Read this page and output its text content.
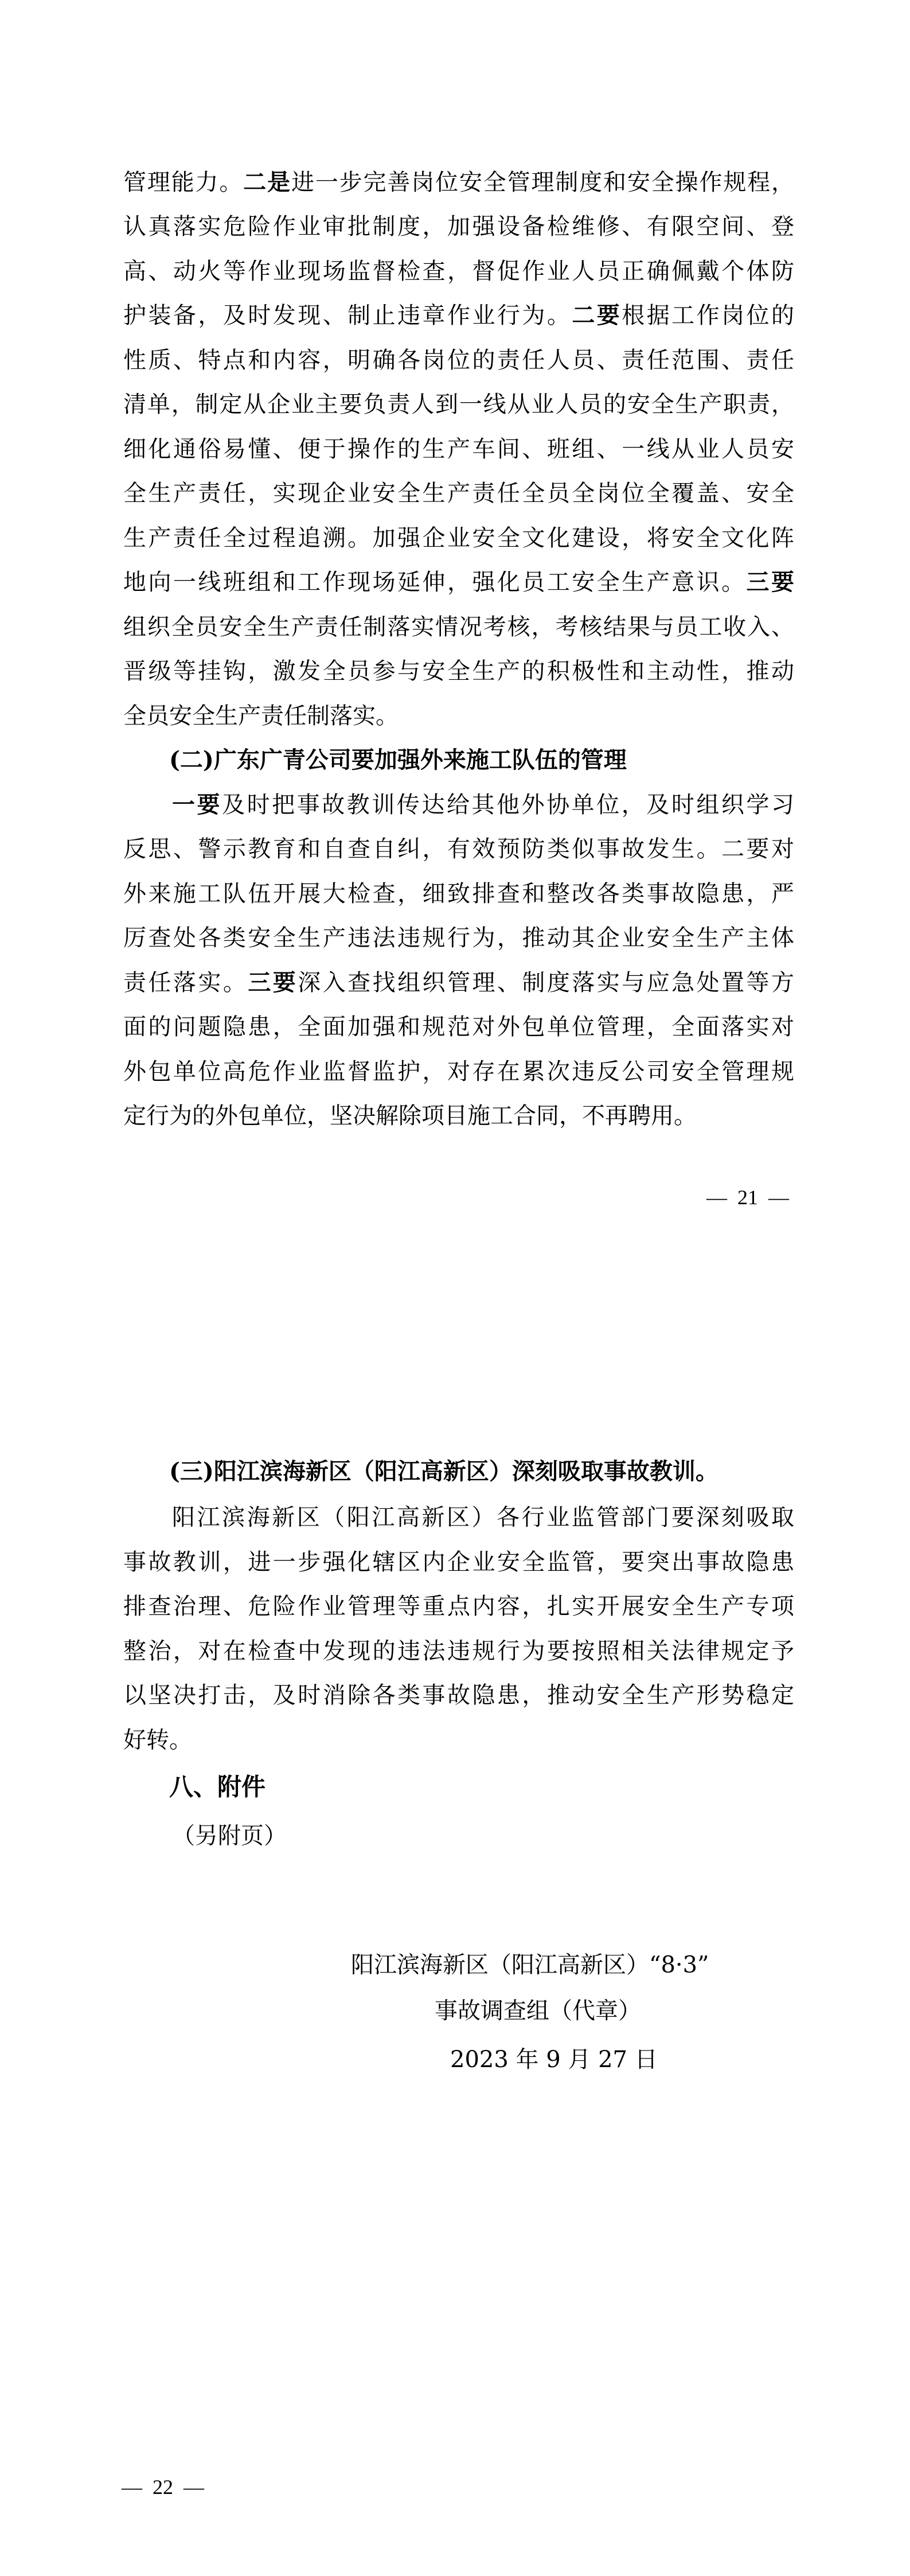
管理能力。二是进一步完善岗位安全管理制度和安全操作规程，
认真落实危险作业审批制度，加强设备检维修、有限空间、登
高、动火等作业现场监督检查，督促作业人员正确佩戴个体防
护装备，及时发现、制止违章作业行为。二要根据工作岗位的
性质、特点和内容，明确各岗位的责任人员、责任范围、责任
清单，制定从企业主要负责人到一线从业人员的安全生产职责，
细化通俗易懂、便于操作的生产车间、班组、一线从业人员安
全生产责任，实现企业安全生产责任全员全岗位全覆盖、安全
生产责任全过程追溯。加强企业安全文化建设，将安全文化阵
地向一线班组和工作现场延伸，强化员工安全生产意识。三要
组织全员安全生产责任制落实情况考核，考核结果与员工收入、
晋级等挂钩，激发全员参与安全生产的积极性和主动性，推动
全员安全生产责任制落实。
(二)广东广青公司要加强外来施工队伍的管理
一要及时把事故教训传达给其他外协单位，及时组织学习
反思、警示教育和自查自纠，有效预防类似事故发生。二要对
外来施工队伍开展大检查，细致排查和整改各类事故隐患，严
厉查处各类安全生产违法违规行为，推动其企业安全生产主体
责任落实。三要深入查找组织管理、制度落实与应急处置等方
面的问题隐患，全面加强和规范对外包单位管理，全面落实对
外包单位高危作业监督监护，对存在累次违反公司安全管理规
定行为的外包单位，坚决解除项目施工合同，不再聘用。
—  21  —
(三)阳江滨海新区（阳江高新区）深刻吸取事故教训。
阳江滨海新区（阳江高新区）各行业监管部门要深刻吸取
事故教训，进一步强化辖区内企业安全监管，要突出事故隐患
排查治理、危险作业管理等重点内容，扎实开展安全生产专项
整治，对在检查中发现的违法违规行为要按照相关法律规定予
以坚决打击，及时消除各类事故隐患，推动安全生产形势稳定
好转。
八、附件
（另附页）
阳江滨海新区（阳江高新区）“8·3”
事故调查组（代章）
2023 年 9 月 27 日
—  22  —
